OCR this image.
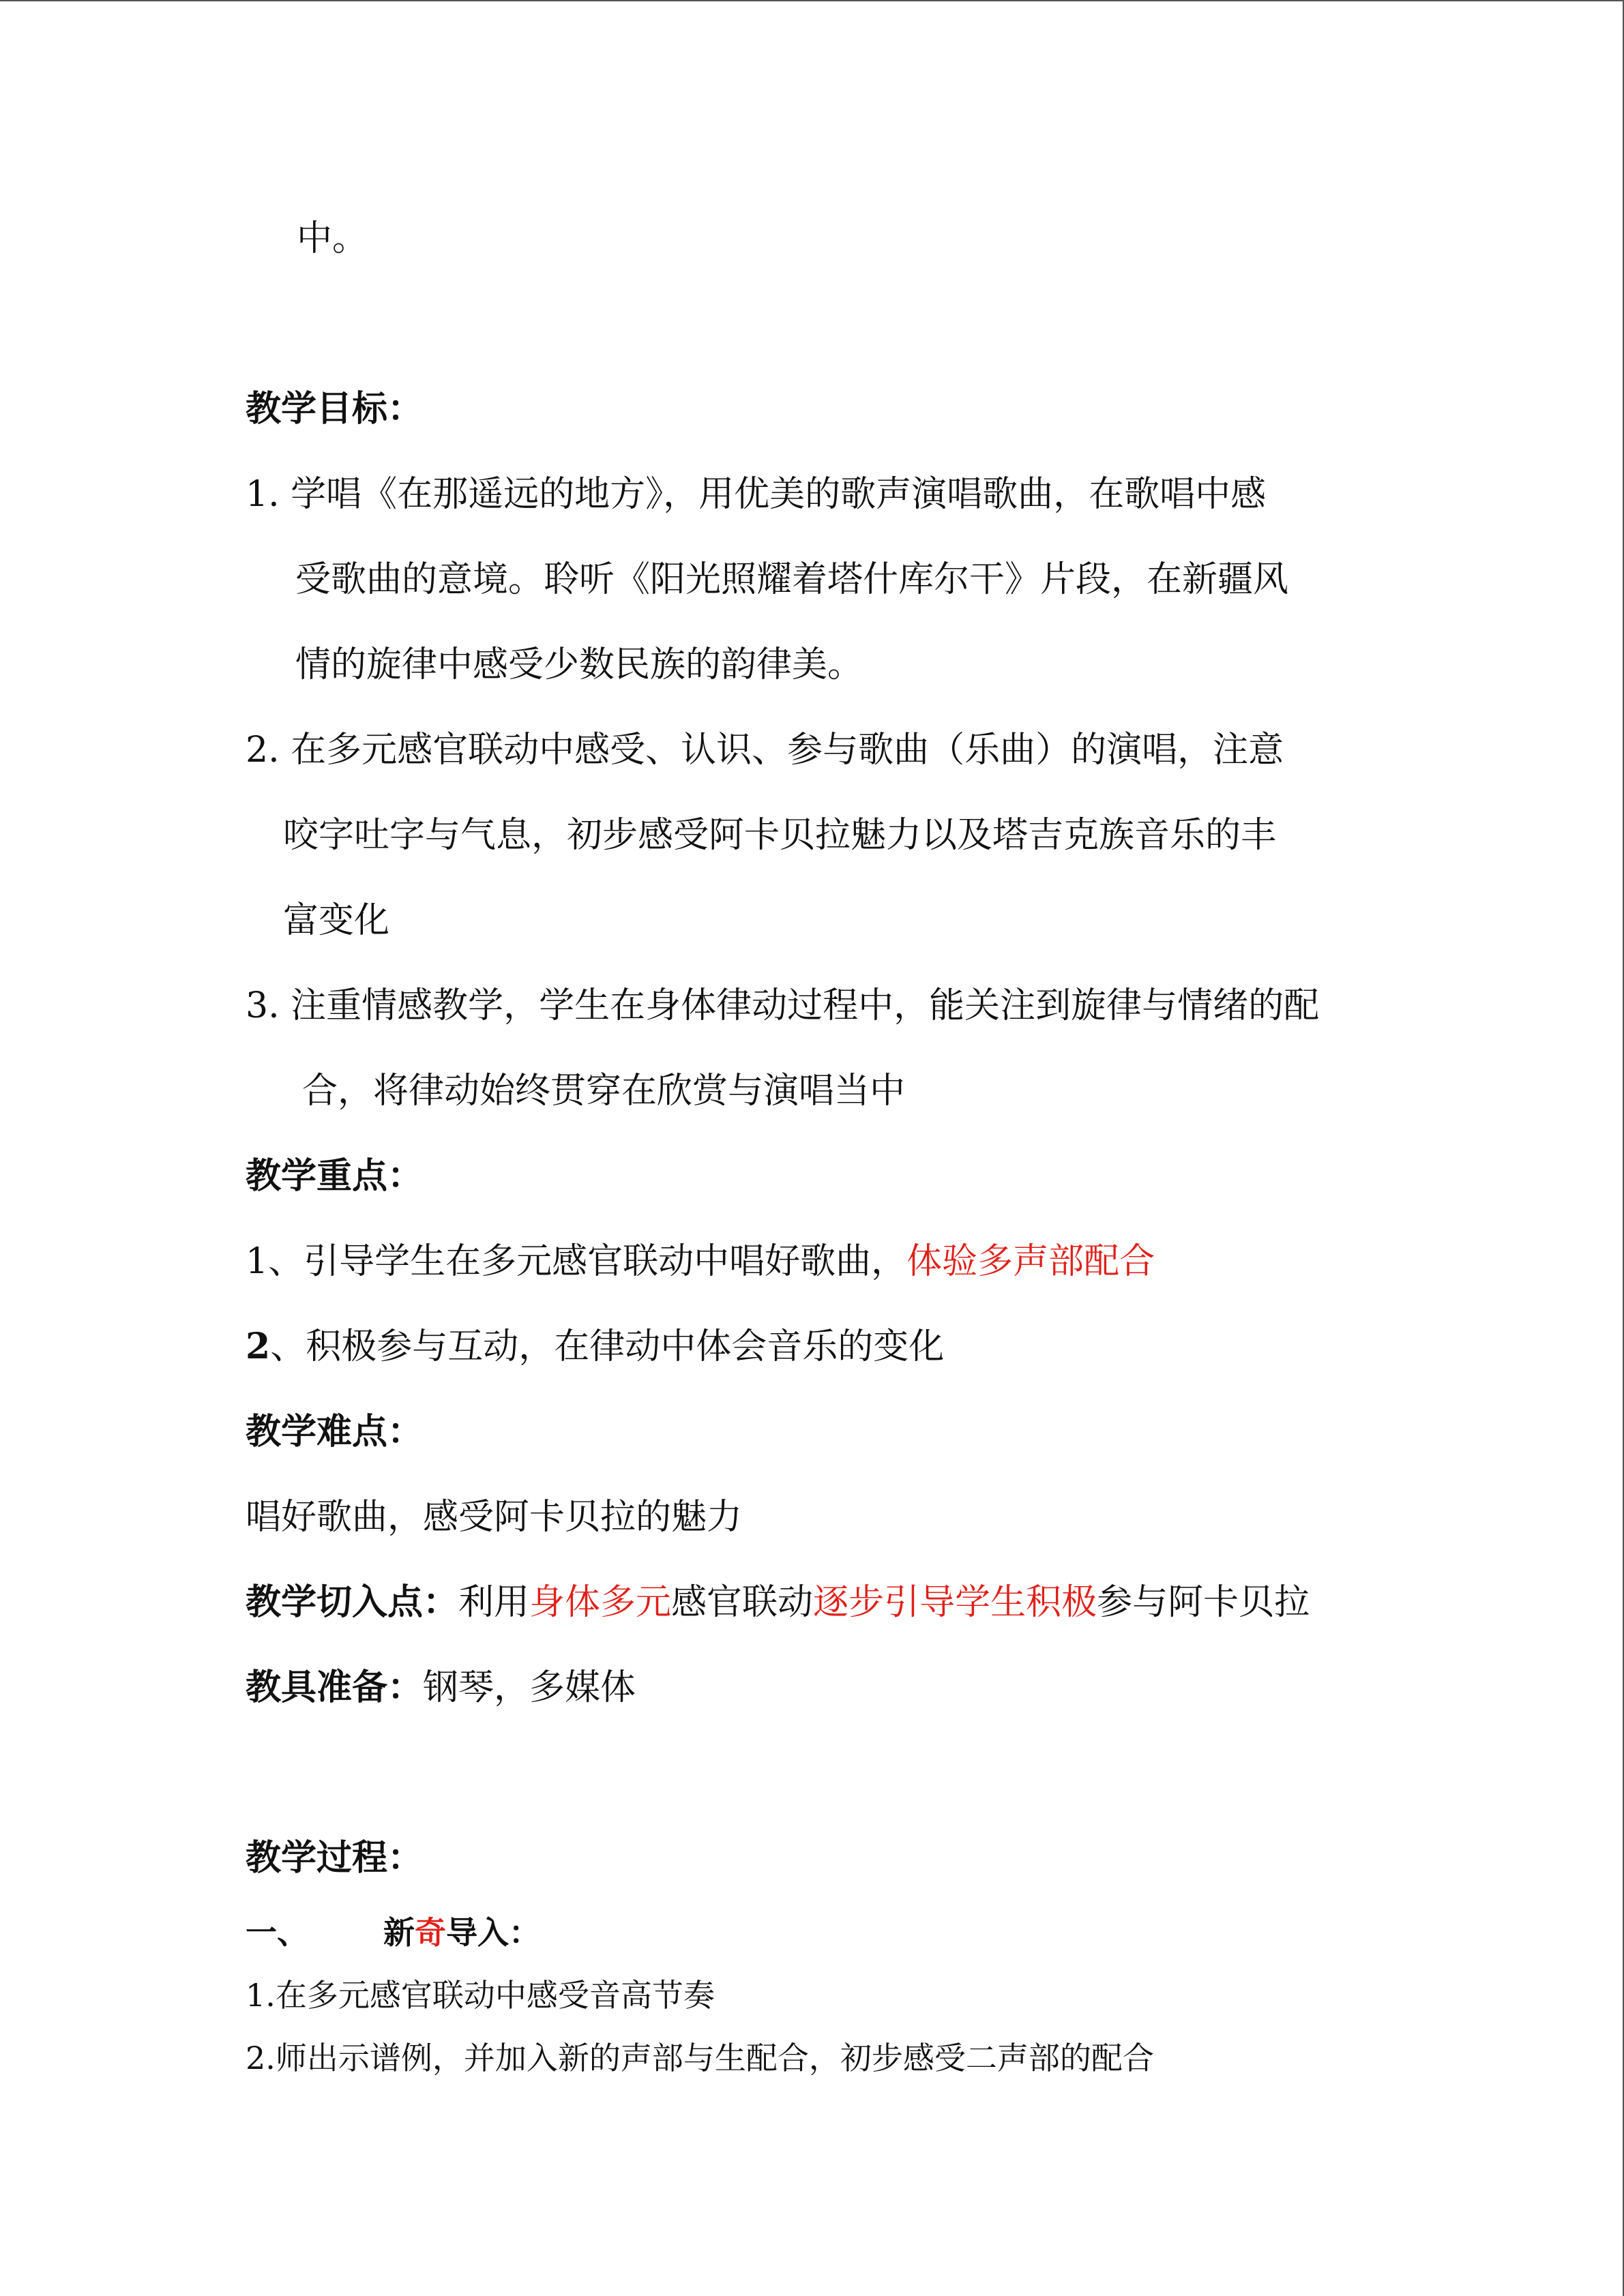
中。
教学目标：
1. 学唱《在那遥远的地方》，用优美的歌声演唱歌曲，在歌唱中感
受歌曲的意境。聆听《阳光照耀着塔什库尔干》片段，在新疆风
情的旋律中感受少数民族的韵律美。
2. 在多元感官联动中感受、认识、参与歌曲（乐曲）的演唱，注意
咬字吐字与气息，初步感受阿卡贝拉魅力以及塔吉克族音乐的丰
富变化
3. 注重情感教学，学生在身体律动过程中，能关注到旋律与情绪的配
合，将律动始终贯穿在欣赏与演唱当中
教学重点：
1、引导学生在多元感官联动中唱好歌曲，体验多声部配合
2、积极参与互动，在律动中体会音乐的变化
教学难点：
唱好歌曲，感受阿卡贝拉的魅力
教学切入点：利用身体多元感官联动逐步引导学生积极参与阿卡贝拉
教具准备：钢琴，多媒体
教学过程：
一、 新奇导入：
1.在多元感官联动中感受音高节奏
2.师出示谱例，并加入新的声部与生配合，初步感受二声部的配合
